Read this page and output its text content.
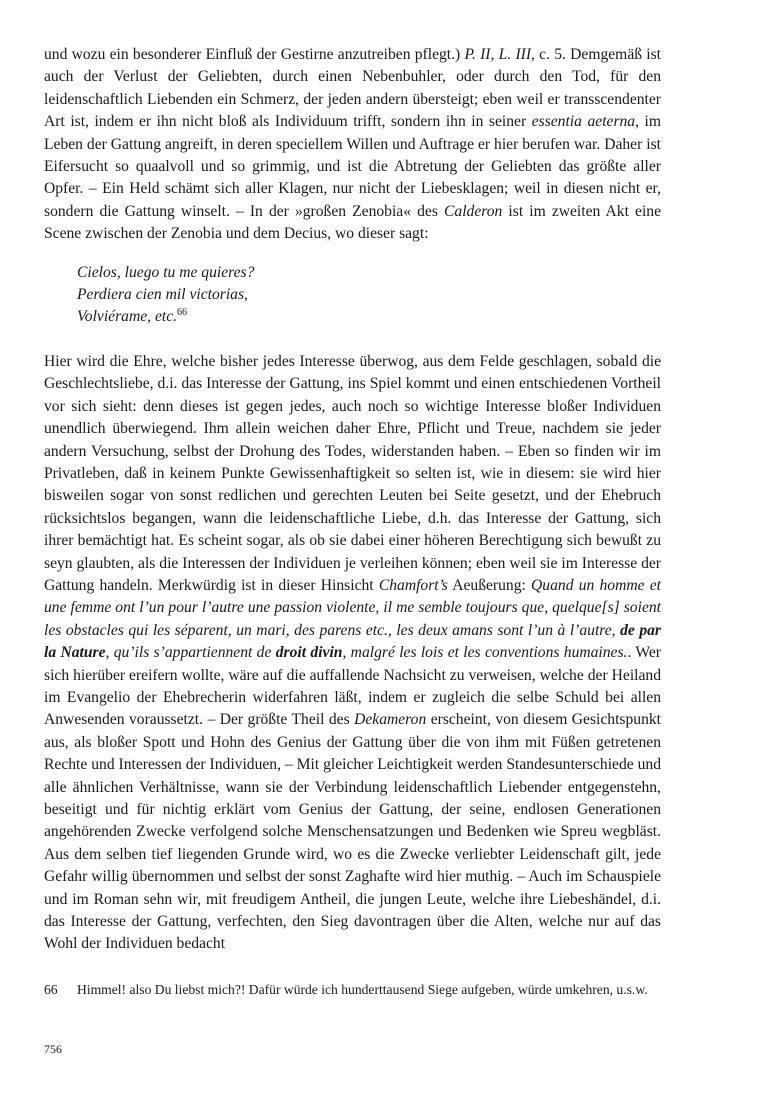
und wozu ein besonderer Einfluß der Gestirne anzutreiben pflegt.) P. II, L. III, c. 5. Demgemäß ist auch der Verlust der Geliebten, durch einen Nebenbuhler, oder durch den Tod, für den leidenschaftlich Liebenden ein Schmerz, der jeden andern übersteigt; eben weil er transscendenter Art ist, indem er ihn nicht bloß als Individuum trifft, sondern ihn in seiner essentia aeterna, im Leben der Gattung angreift, in deren speciellem Willen und Auftrage er hier berufen war. Daher ist Eifersucht so quaalvoll und so grimmig, und ist die Abtretung der Geliebten das größte aller Opfer. – Ein Held schämt sich aller Klagen, nur nicht der Liebesklagen; weil in diesen nicht er, sondern die Gattung winselt. – In der »großen Zenobia« des Calderon ist im zweiten Akt eine Scene zwischen der Zenobia und dem Decius, wo dieser sagt:

Cielos, luego tu me quieres?
Perdiera cien mil victorias,
Volviérame, etc.$^{66}$

Hier wird die Ehre, welche bisher jedes Interesse überwog, aus dem Felde geschlagen, sobald die Geschlechtsliebe, d.i. das Interesse der Gattung, ins Spiel kommt und einen entschiedenen Vortheil vor sich sieht: denn dieses ist gegen jedes, auch noch so wichtige Interesse bloßer Individuen unendlich überwiegend. Ihm allein weichen daher Ehre, Pflicht und Treue, nachdem sie jeder andern Versuchung, selbst der Drohung des Todes, widerstanden haben. – Eben so finden wir im Privatleben, daß in keinem Punkte Gewissenhaftigkeit so selten ist, wie in diesem: sie wird hier bisweilen sogar von sonst redlichen und gerechten Leuten bei Seite gesetzt, und der Ehebruch rücksichtslos begangen, wann die leidenschaftliche Liebe, d.h. das Interesse der Gattung, sich ihrer bemächtigt hat. Es scheint sogar, als ob sie dabei einer höheren Berechtigung sich bewußt zu seyn glaubten, als die Interessen der Individuen je verleihen können; eben weil sie im Interesse der Gattung handeln. Merkwürdig ist in dieser Hinsicht Chamfort’s Aeußerung: Quand un homme et une femme ont l’un pour l’autre une passion violente, il me semble toujours que, quelque[s] soient les obstacles qui les séparent, un mari, des parens etc., les deux amans sont l’un à l’autre, de par la Nature, qu’ils s’appartiennent de droit divin, malgré les lois et les conventions humaines.. Wer sich hierüber ereifern wollte, wäre auf die auffallende Nachsicht zu verweisen, welche der Heiland im Evangelio der Ehebrecherin widerfahren läßt, indem er zugleich die selbe Schuld bei allen Anwesenden voraussetzt. – Der größte Theil des Dekameron erscheint, von diesem Gesichtspunkt aus, als bloßer Spott und Hohn des Genius der Gattung über die von ihm mit Füßen getretenen Rechte und Interessen der Individuen, – Mit gleicher Leichtigkeit werden Standesunterschiede und alle ähnlichen Verhältnisse, wann sie der Verbindung leidenschaftlich Liebender entgegenstehn, beseitigt und für nichtig erklärt vom Genius der Gattung, der seine, endlosen Generationen angehörenden Zwecke verfolgend solche Menschensatzungen und Bedenken wie Spreu wegbläst. Aus dem selben tief liegenden Grunde wird, wo es die Zwecke verliebter Leidenschaft gilt, jede Gefahr willig übernommen und selbst der sonst Zaghafte wird hier muthig. – Auch im Schauspiele und im Roman sehn wir, mit freudigem Antheil, die jungen Leute, welche ihre Liebeshändel, d.i. das Interesse der Gattung, verfechten, den Sieg davontragen über die Alten, welche nur auf das Wohl der Individuen bedacht

66	Himmel! also Du liebst mich?! Dafür würde ich hunderttausend Siege aufgeben, würde umkehren, u.s.w.
756
